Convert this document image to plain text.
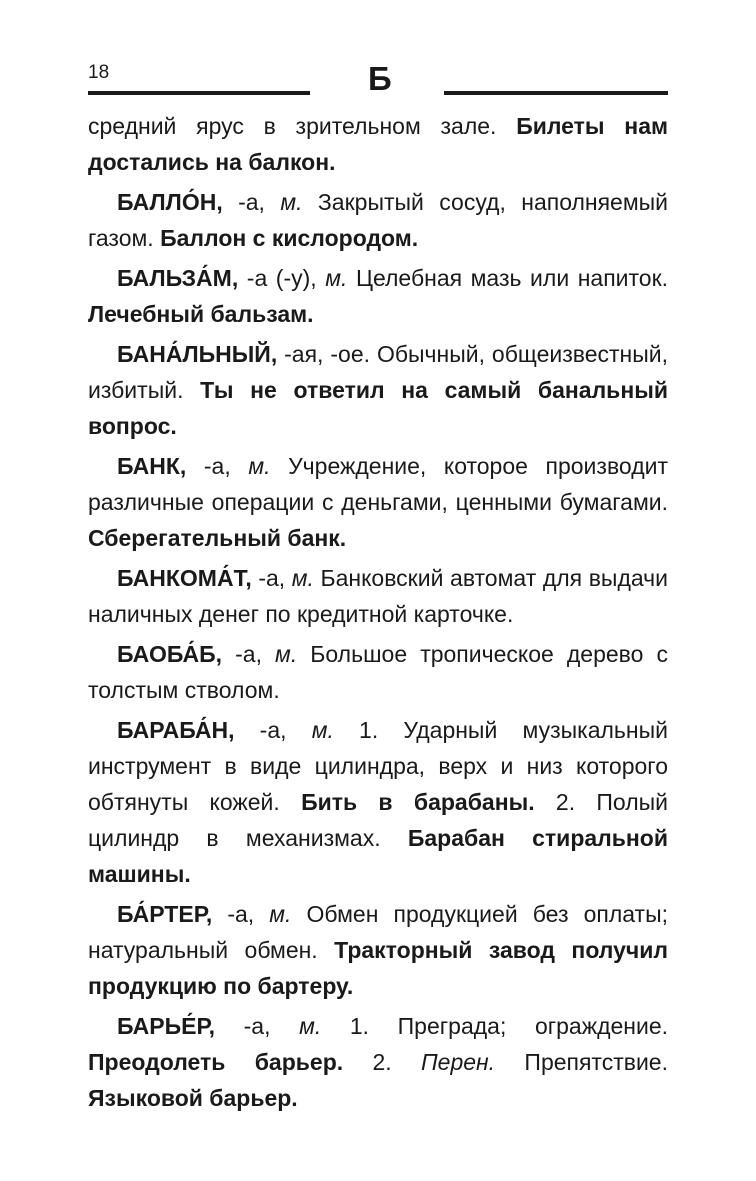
18	Б

средний ярус в зрительном зале. Билеты нам достались на балкон.

БАЛЛО́Н, -а, м. Закрытый сосуд, наполняемый газом. Баллон с кислородом.

БАЛЬЗА́М, -а (-у), м. Целебная мазь или напиток. Лечебный бальзам.

БАНА́ЛЬНЫЙ, -ая, -ое. Обычный, общеизвестный, избитый. Ты не ответил на самый банальный вопрос.

БАНК, -а, м. Учреждение, которое производит различные операции с деньгами, ценными бумагами. Сберегательный банк.

БАНКОМА́Т, -а, м. Банковский автомат для выдачи наличных денег по кредитной карточке.

БАОБА́Б, -а, м. Большое тропическое дерево с толстым стволом.

БАРАБА́Н, -а, м. 1. Ударный музыкальный инструмент в виде цилиндра, верх и низ которого обтянуты кожей. Бить в барабаны. 2. Полый цилиндр в механизмах. Барабан стиральной машины.

БА́РТЕР, -а, м. Обмен продукцией без оплаты; натуральный обмен. Тракторный завод получил продукцию по бартеру.

БАРЬЕ́Р, -а, м. 1. Преграда; ограждение. Преодолеть барьер. 2. Перен. Препятствие. Языковой барьер.
